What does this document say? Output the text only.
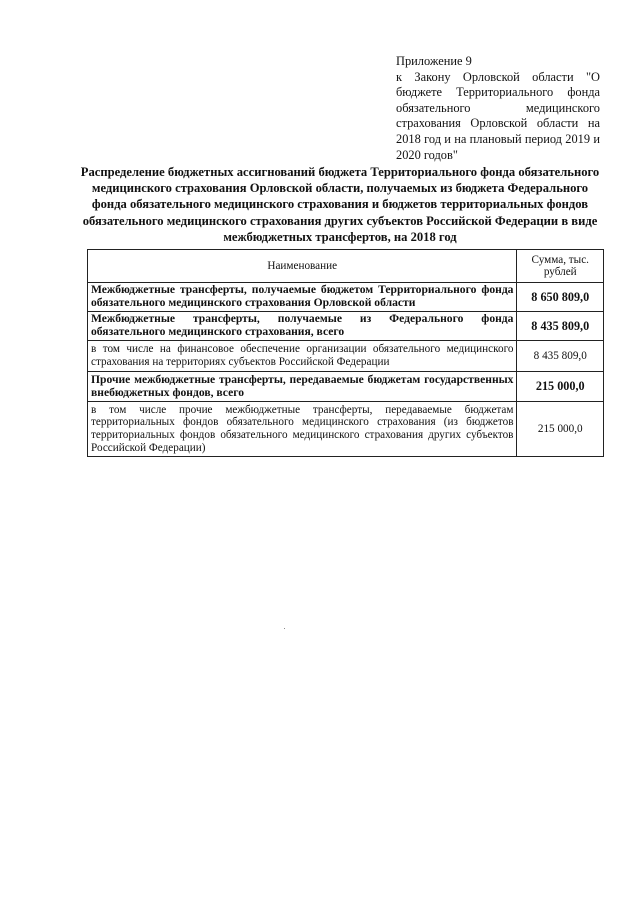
Приложение 9
к Закону Орловской области "О бюджете Территориального фонда обязательного медицинского страхования Орловской области на 2018 год и на плановый период 2019 и 2020 годов"
Распределение бюджетных ассигнований бюджета Территориального фонда обязательного медицинского страхования Орловской области, получаемых из бюджета Федерального фонда обязательного медицинского страхования и бюджетов территориальных фондов обязательного медицинского страхования других субъектов Российской Федерации в виде межбюджетных трансфертов, на 2018 год
Наименование	Сумма, тыс. рублей
Межбюджетные трансферты, получаемые бюджетом Территориального фонда обязательного медицинского страхования Орловской области	8 650 809,0
Межбюджетные трансферты, получаемые из Федерального фонда обязательного медицинского страхования, всего	8 435 809,0
в том числе на финансовое обеспечение организации обязательного медицинского страхования на территориях субъектов Российской Федерации	8 435 809,0
Прочие межбюджетные трансферты, передаваемые бюджетам государственных внебюджетных фондов, всего	215 000,0
в том числе прочие межбюджетные трансферты, передаваемые бюджетам территориальных фондов обязательного медицинского страхования (из бюджетов территориальных фондов обязательного медицинского страхования других субъектов Российской Федерации)	215 000,0
